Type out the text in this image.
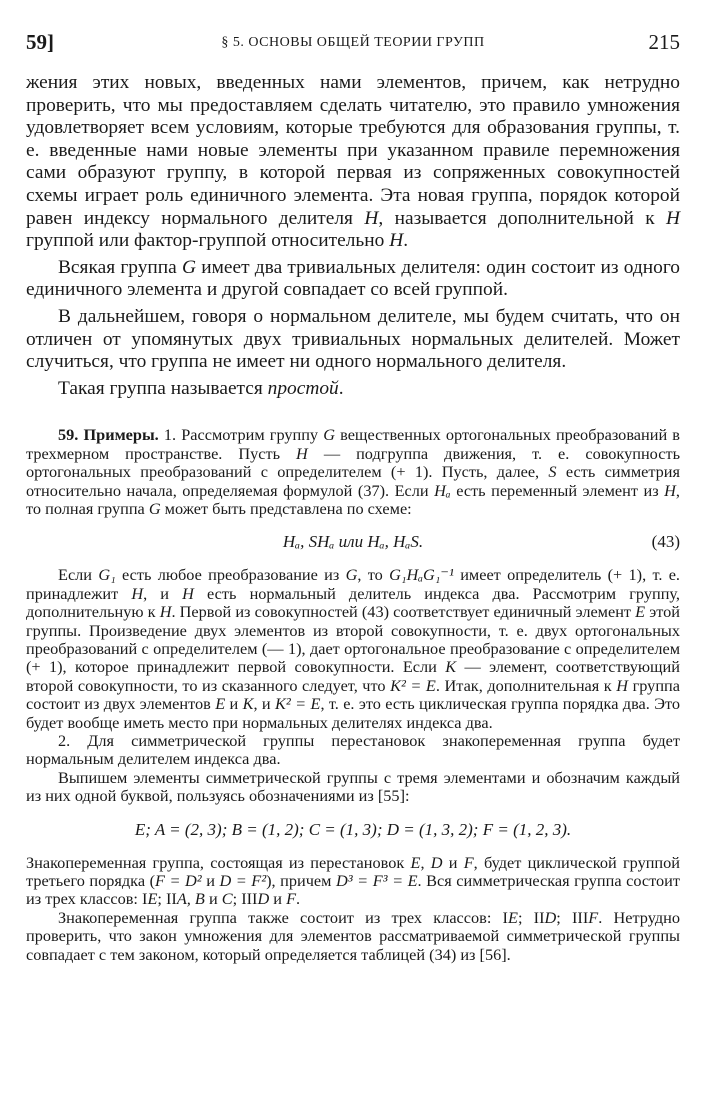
59]	§ 5. ОСНОВЫ ОБЩЕЙ ТЕОРИИ ГРУПП	215

жения этих новых, введенных нами элементов, причем, как нетрудно проверить, что мы предоставляем сделать читателю, это правило умножения удовлетворяет всем условиям, которые требуются для образования группы, т. е. введенные нами новые элементы при указанном правиле перемножения сами образуют группу, в которой первая из сопряженных совокупностей схемы играет роль единичного элемента. Эта новая группа, порядок которой равен индексу нормального делителя H, называется дополнительной к H группой или фактор-группой относительно H.

Всякая группа G имеет два тривиальных делителя: один состоит из одного единичного элемента и другой совпадает со всей группой.

В дальнейшем, говоря о нормальном делителе, мы будем считать, что он отличен от упомянутых двух тривиальных нормальных делителей. Может случиться, что группа не имеет ни одного нормального делителя.

Такая группа называется простой.

59. Примеры. 1. Рассмотрим группу G вещественных ортогональных преобразований в трехмерном пространстве. Пусть H — подгруппа движения, т. е. совокупность ортогональных преобразований с определителем (+ 1). Пусть, далее, S есть симметрия относительно начала, определяемая формулой (37). Если Hₐ есть переменный элемент из H, то полная группа G может быть представлена по схеме:

Hₐ, SHₐ или Hₐ, HₐS.	(43)

Если G₁ есть любое преобразование из G, то G₁HₐG₁⁻¹ имеет определитель (+ 1), т. е. принадлежит H, и H есть нормальный делитель индекса два. Рассмотрим группу, дополнительную к H. Первой из совокупностей (43) соответствует единичный элемент E этой группы. Произведение двух элементов из второй совокупности, т. е. двух ортогональных преобразований с определителем (— 1), дает ортогональное преобразование с определителем (+ 1), которое принадлежит первой совокупности. Если K — элемент, соответствующий второй совокупности, то из сказанного следует, что K² = E. Итак, дополнительная к H группа состоит из двух элементов E и K, и K² = E, т. е. это есть циклическая группа порядка два. Это будет вообще иметь место при нормальных делителях индекса два.

2. Для симметрической группы перестановок знакопеременная группа будет нормальным делителем индекса два.

Выпишем элементы симметрической группы с тремя элементами и обозначим каждый из них одной буквой, пользуясь обозначениями из [55]:

E; A = (2, 3); B = (1, 2); C = (1, 3); D = (1, 3, 2); F = (1, 2, 3).

Знакопеременная группа, состоящая из перестановок E, D и F, будет циклической группой третьего порядка (F = D² и D = F²), причем D³ = F³ = E. Вся симметрическая группа состоит из трех классов: IE; IIA, B и C; IIID и F.

Знакопеременная группа также состоит из трех классов: IE; IID; IIIF. Нетрудно проверить, что закон умножения для элементов рассматриваемой симметрической группы совпадает с тем законом, который определяется таблицей (34) из [56].
